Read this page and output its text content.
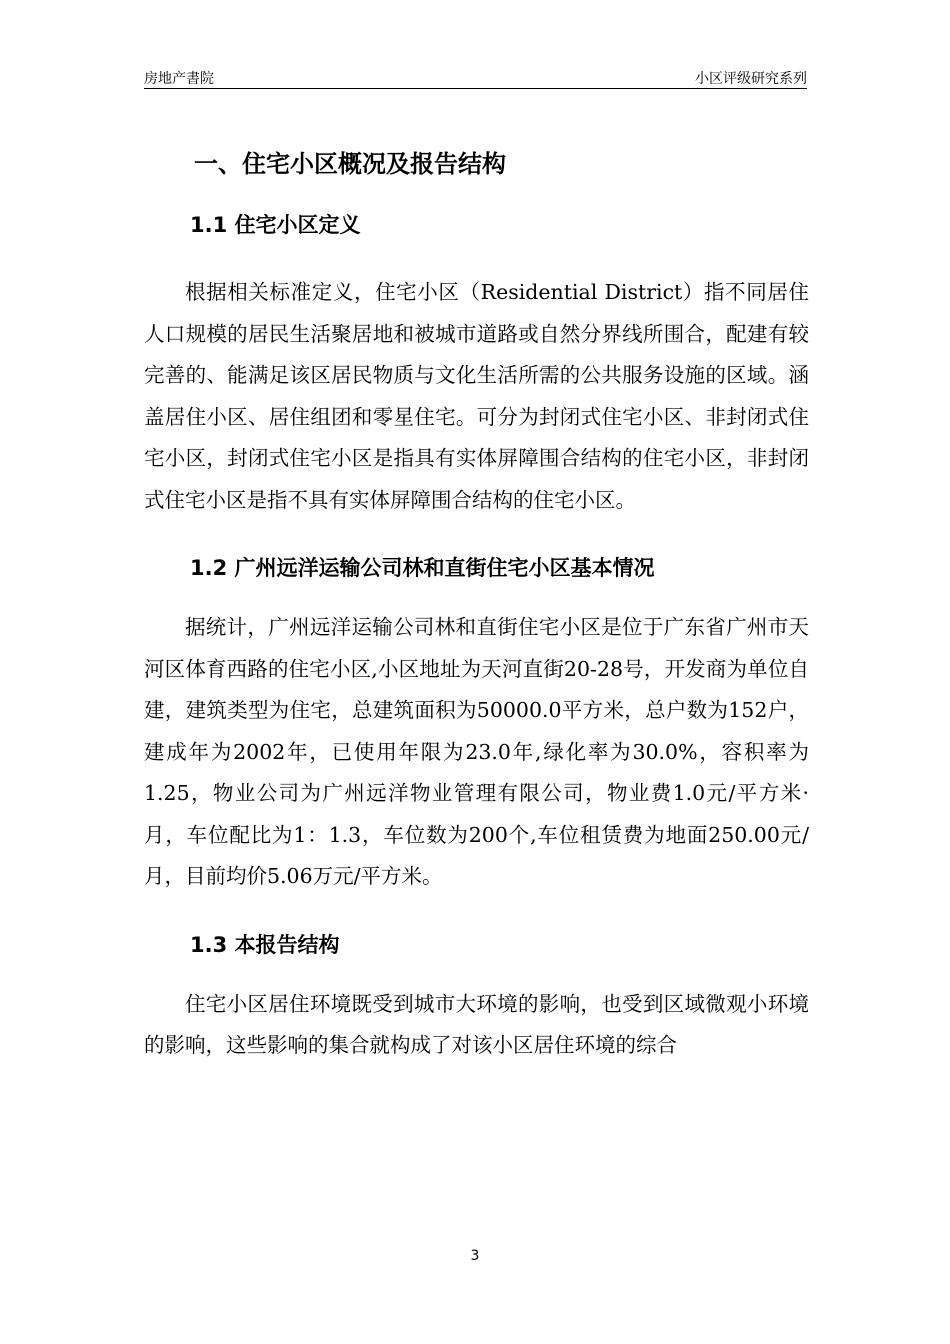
房地产書院	小区评级研究系列
一、住宅小区概况及报告结构
1.1 住宅小区定义

根据相关标准定义，住宅小区（Residential District）指不同居住人口规模的居民生活聚居地和被城市道路或自然分界线所围合，配建有较完善的、能满足该区居民物质与文化生活所需的公共服务设施的区域。涵盖居住小区、居住组团和零星住宅。可分为封闭式住宅小区、非封闭式住宅小区，封闭式住宅小区是指具有实体屏障围合结构的住宅小区，非封闭式住宅小区是指不具有实体屏障围合结构的住宅小区。

1.2 广州远洋运输公司林和直街住宅小区基本情况

据统计，广州远洋运输公司林和直街住宅小区是位于广东省广州市天河区体育西路的住宅小区,小区地址为天河直街20-28号，开发商为单位自建，建筑类型为住宅，总建筑面积为50000.0平方米，总户数为152户，建成年为2002年，已使用年限为23.0年,绿化率为30.0%，容积率为1.25，物业公司为广州远洋物业管理有限公司，物业费1.0元/平方米·月，车位配比为1：1.3，车位数为200个,车位租赁费为地面250.00元/月，目前均价5.06万元/平方米。

1.3 本报告结构

住宅小区居住环境既受到城市大环境的影响，也受到区域微观小环境的影响，这些影响的集合就构成了对该小区居住环境的综合

3
